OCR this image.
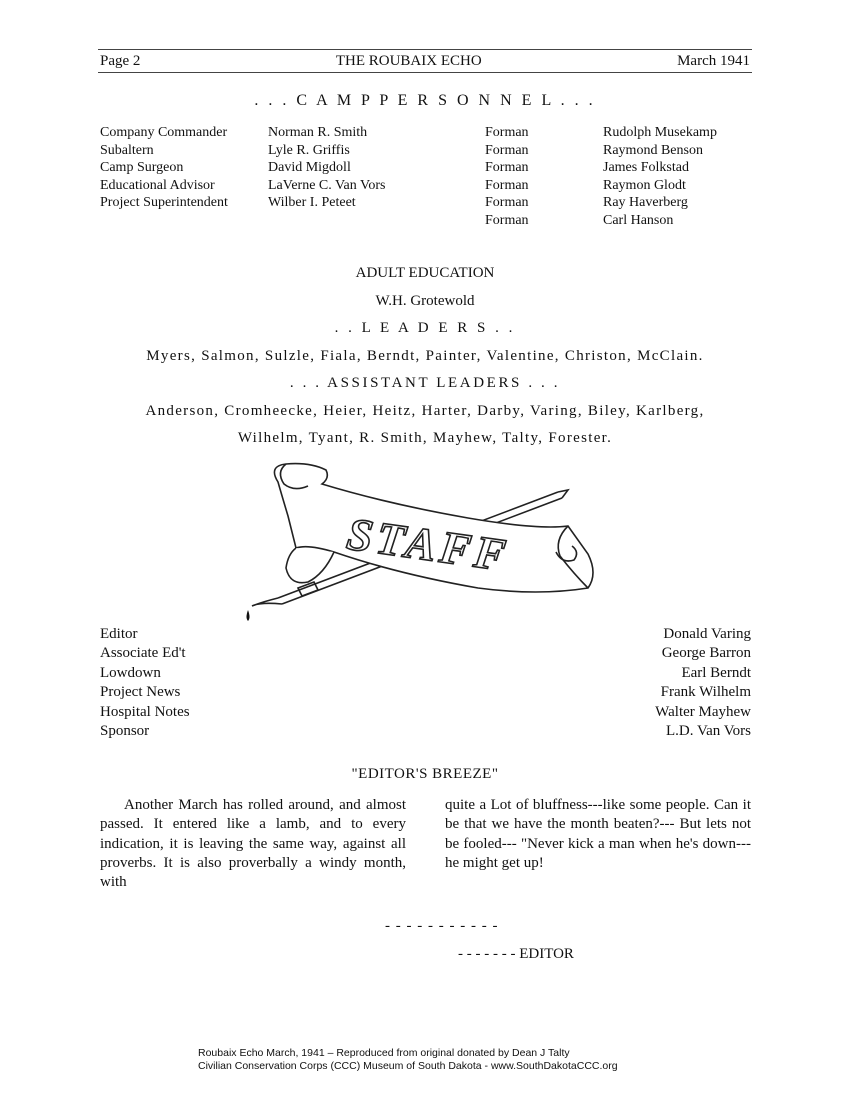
Page 2	THE ROUBAIX ECHO	March 1941
. . . C A M P P E R S O N N E L . . .
Company Commander
Subaltern
Camp Surgeon
Educational Advisor
Project Superintendent
Norman R. Smith
Lyle R. Griffis
David Migdoll
LaVerne C. Van Vors
Wilber I. Peteet
Forman
Forman
Forman
Forman
Forman
Forman
Rudolph Musekamp
Raymond Benson
James Folkstad
Raymon Glodt
Ray Haverberg
Carl Hanson
ADULT EDUCATION
W.H. Grotewold
. . L E A D E R S . .
Myers, Salmon, Sulzle, Fiala, Berndt, Painter, Valentine, Christon, McClain.
. . . ASSISTANT LEADERS . . .
Anderson, Cromheecke, Heier, Heitz, Harter, Darby, Varing, Biley, Karlberg,
Wilhelm, Tyant, R. Smith, Mayhew, Talty, Forester.
STAFF
Editor
Associate Ed't
Lowdown
Project News
Hospital Notes
Sponsor
Donald Varing
George Barron
Earl Berndt
Frank Wilhelm
Walter Mayhew
L.D. Van Vors
"EDITOR'S BREEZE"

Another March has rolled around, and almost passed. It entered like a lamb, and to every indication, it is leaving the same way, against all proverbs. It is also proverbally a windy month, with

quite a Lot of bluffness---like some people. Can it be that we have the month beaten?--- But lets not be fooled--- "Never kick a man when he's down--- he might get up!

- - - - - - - - - - -
- - - - - - - EDITOR
Roubaix Echo March, 1941 – Reproduced from original donated by Dean J Talty
Civilian Conservation Corps (CCC) Museum of South Dakota - www.SouthDakotaCCC.org
